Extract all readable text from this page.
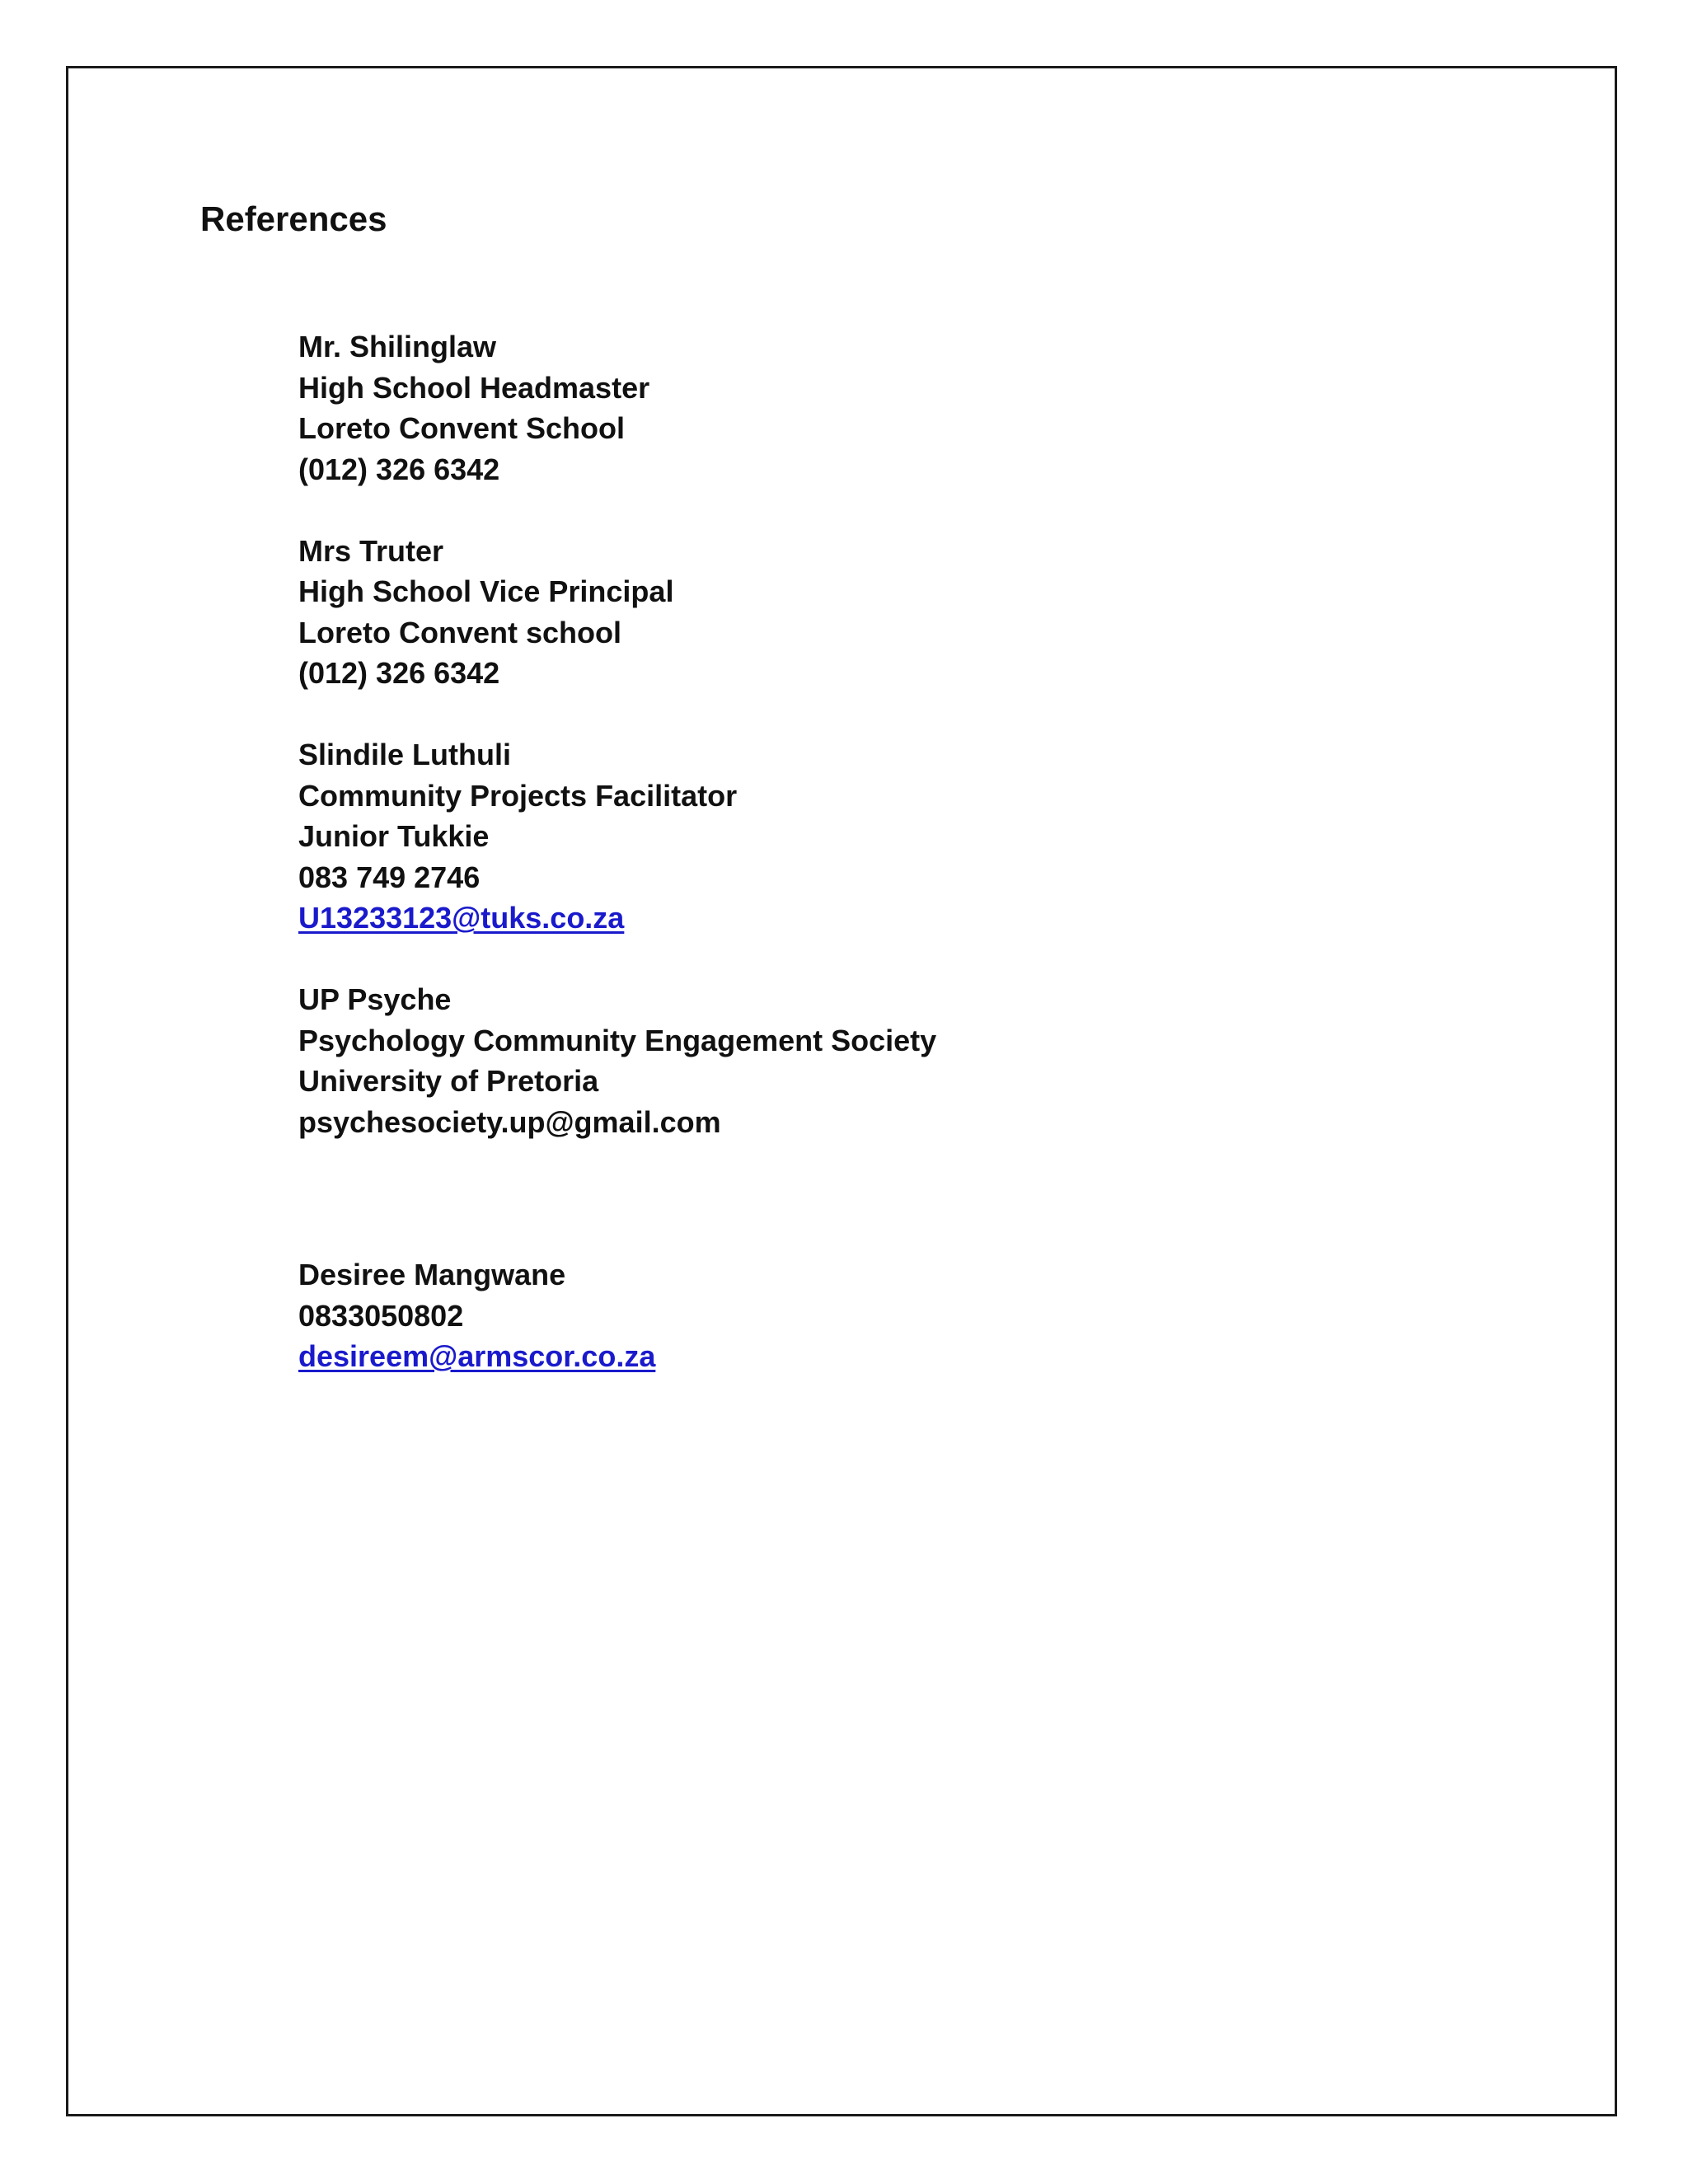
References
Mr. Shilinglaw
High School Headmaster
Loreto Convent School
(012) 326 6342
Mrs Truter
High School Vice Principal
Loreto Convent school
(012) 326 6342
Slindile Luthuli
Community Projects Facilitator
Junior Tukkie
083 749 2746
U13233123@tuks.co.za
UP Psyche
Psychology Community Engagement Society
University of Pretoria
psychesociety.up@gmail.com
Desiree Mangwane
0833050802
desireem@armscor.co.za
